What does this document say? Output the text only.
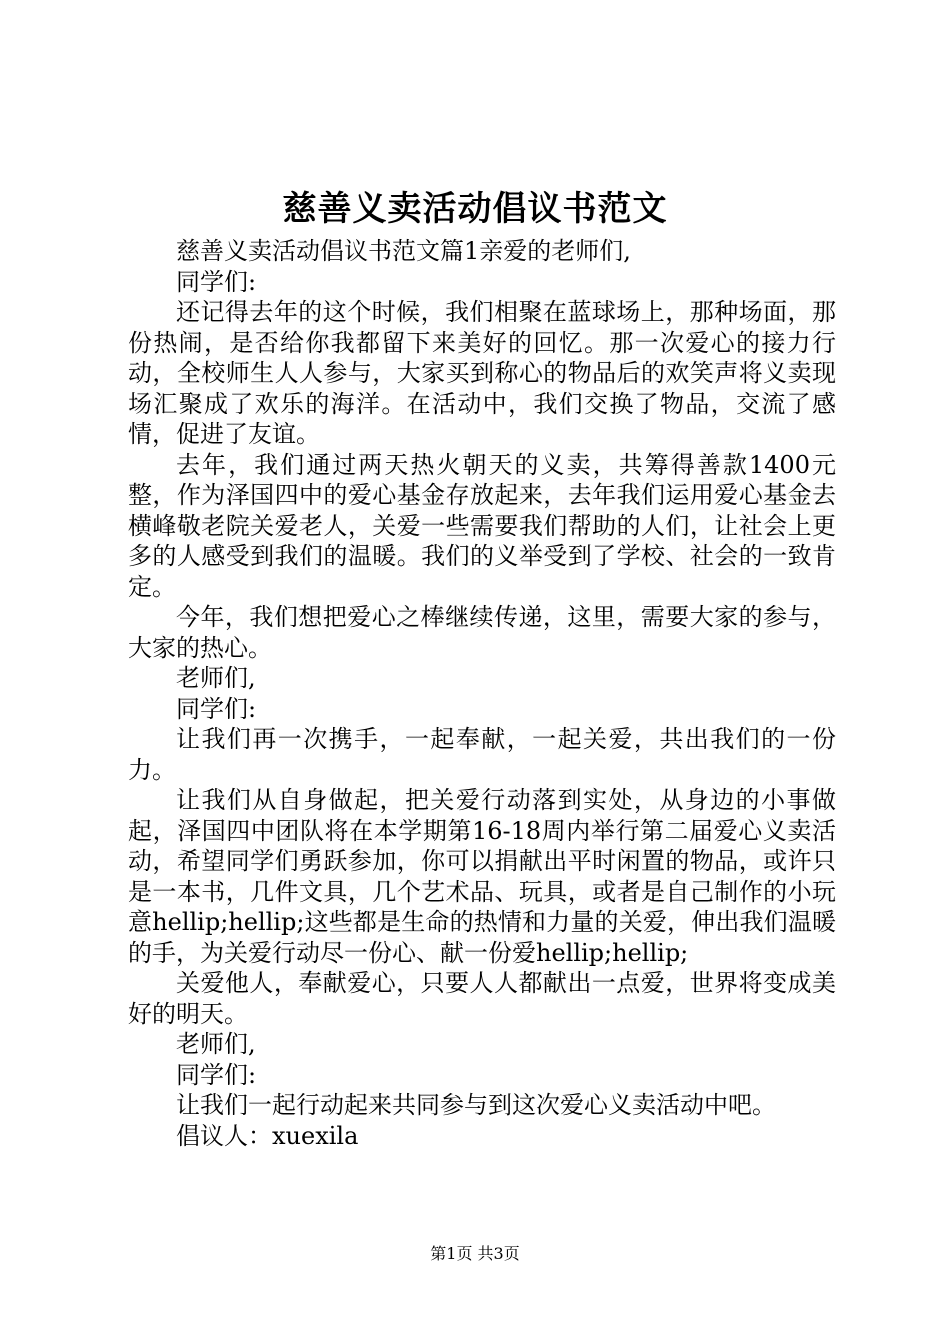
慈善义卖活动倡议书范文

慈善义卖活动倡议书范文篇1亲爱的老师们,

同学们:

还记得去年的这个时候，我们相聚在蓝球场上，那种场面，那份热闹，是否给你我都留下来美好的回忆。那一次爱心的接力行动，全校师生人人参与，大家买到称心的物品后的欢笑声将义卖现场汇聚成了欢乐的海洋。在活动中，我们交换了物品，交流了感情，促进了友谊。

去年，我们通过两天热火朝天的义卖，共筹得善款1400元整，作为泽国四中的爱心基金存放起来，去年我们运用爱心基金去横峰敬老院关爱老人，关爱一些需要我们帮助的人们，让社会上更多的人感受到我们的温暖。我们的义举受到了学校、社会的一致肯定。

今年，我们想把爱心之棒继续传递，这里，需要大家的参与，大家的热心。

老师们,

同学们:

让我们再一次携手，一起奉献，一起关爱，共出我们的一份力。

让我们从自身做起，把关爱行动落到实处，从身边的小事做起，泽国四中团队将在本学期第16-18周内举行第二届爱心义卖活动，希望同学们勇跃参加，你可以捐献出平时闲置的物品，或许只是一本书，几件文具，几个艺术品、玩具，或者是自己制作的小玩意hellip;hellip;这些都是生命的热情和力量的关爱，伸出我们温暖的手，为关爱行动尽一份心、献一份爱hellip;hellip;

关爱他人，奉献爱心，只要人人都献出一点爱，世界将变成美好的明天。

老师们,

同学们:

让我们一起行动起来共同参与到这次爱心义卖活动中吧。

倡议人：xuexila

第1页 共3页
